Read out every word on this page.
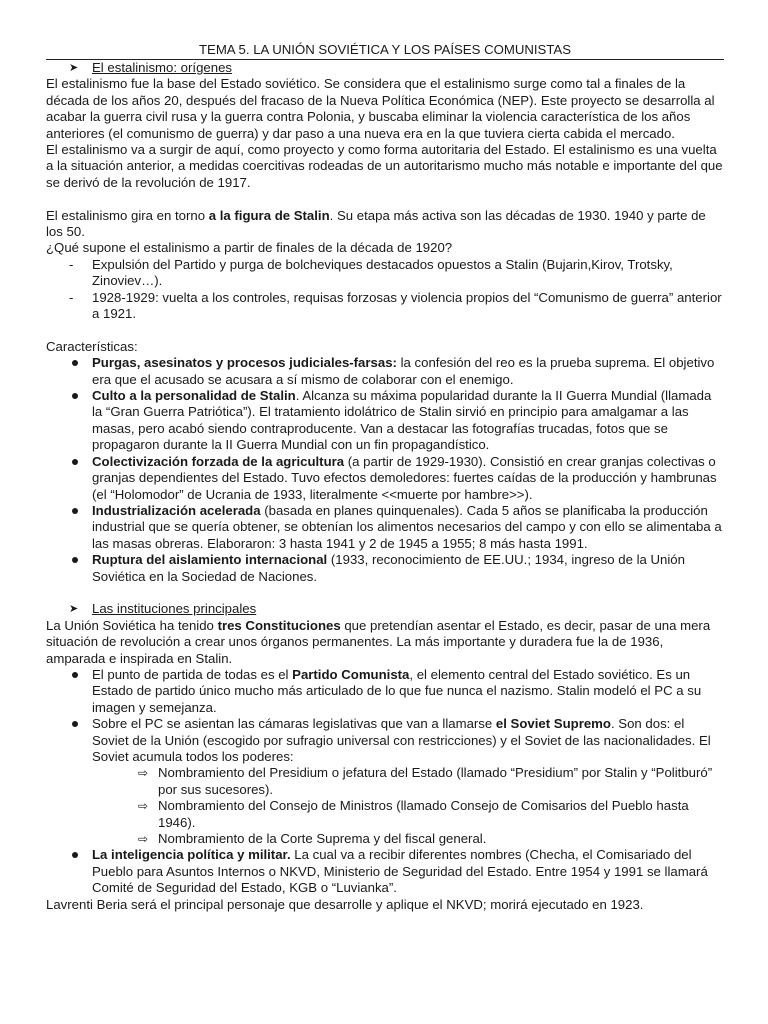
TEMA 5. LA UNIÓN SOVIÉTICA Y LOS PAÍSES COMUNISTAS
➤ El estalinismo: orígenes

El estalinismo fue la base del Estado soviético. Se considera que el estalinismo surge como tal a finales de la década de los años 20, después del fracaso de la Nueva Política Económica (NEP). Este proyecto se desarrolla al acabar la guerra civil rusa y la guerra contra Polonia, y buscaba eliminar la violencia característica de los años anteriores (el comunismo de guerra) y dar paso a una nueva era en la que tuviera cierta cabida el mercado.

El estalinismo va a surgir de aquí, como proyecto y como forma autoritaria del Estado. El estalinismo es una vuelta a la situación anterior, a medidas coercitivas rodeadas de un autoritarismo mucho más notable e importante del que se derivó de la revolución de 1917.

El estalinismo gira en torno a la figura de Stalin. Su etapa más activa son las décadas de 1930. 1940 y parte de los 50.

¿Qué supone el estalinismo a partir de finales de la década de 1920?

- Expulsión del Partido y purga de bolcheviques destacados opuestos a Stalin (Bujarin,Kirov, Trotsky, Zinoviev…).
- 1928-1929: vuelta a los controles, requisas forzosas y violencia propios del “Comunismo de guerra” anterior a 1921.

Características:

Purgas, asesinatos y procesos judiciales-farsas: la confesión del reo es la prueba suprema. El objetivo era que el acusado se acusara a sí mismo de colaborar con el enemigo.
Culto a la personalidad de Stalin. Alcanza su máxima popularidad durante la II Guerra Mundial (llamada la “Gran Guerra Patriótica”). El tratamiento idolátrico de Stalin sirvió en principio para amalgamar a las masas, pero acabó siendo contraproducente. Van a destacar las fotografías trucadas, fotos que se propagaron durante la II Guerra Mundial con un fin propagandístico.
Colectivización forzada de la agricultura (a partir de 1929-1930). Consistió en crear granjas colectivas o granjas dependientes del Estado. Tuvo efectos demoledores: fuertes caídas de la producción y hambrunas (el “Holomodor” de Ucrania de 1933, literalmente <<muerte por hambre>>).
Industrialización acelerada (basada en planes quinquenales). Cada 5 años se planificaba la producción industrial que se quería obtener, se obtenían los alimentos necesarios del campo y con ello se alimentaba a las masas obreras. Elaboraron: 3 hasta 1941 y 2 de 1945 a 1955; 8 más hasta 1991.
Ruptura del aislamiento internacional (1933, reconocimiento de EE.UU.; 1934, ingreso de la Unión Soviética en la Sociedad de Naciones.
➤ Las instituciones principales

La Unión Soviética ha tenido tres Constituciones que pretendían asentar el Estado, es decir, pasar de una mera situación de revolución a crear unos órganos permanentes. La más importante y duradera fue la de 1936, amparada e inspirada en Stalin.

El punto de partida de todas es el Partido Comunista, el elemento central del Estado soviético. Es un Estado de partido único mucho más articulado de lo que fue nunca el nazismo. Stalin modeló el PC a su imagen y semejanza.
Sobre el PC se asientan las cámaras legislativas que van a llamarse el Soviet Supremo. Son dos: el Soviet de la Unión (escogido por sufragio universal con restricciones) y el Soviet de las nacionalidades. El Soviet acumula todos los poderes:
⇨ Nombramiento del Presidium o jefatura del Estado (llamado “Presidium” por Stalin y “Politburó” por sus sucesores).
⇨ Nombramiento del Consejo de Ministros (llamado Consejo de Comisarios del Pueblo hasta 1946).
⇨ Nombramiento de la Corte Suprema y del fiscal general.
La inteligencia política y militar. La cual va a recibir diferentes nombres (Checha, el Comisariado del Pueblo para Asuntos Internos o NKVD, Ministerio de Seguridad del Estado. Entre 1954 y 1991 se llamará Comité de Seguridad del Estado, KGB o “Luvianka”.

Lavrenti Beria será el principal personaje que desarrolle y aplique el NKVD; morirá ejecutado en 1923.
